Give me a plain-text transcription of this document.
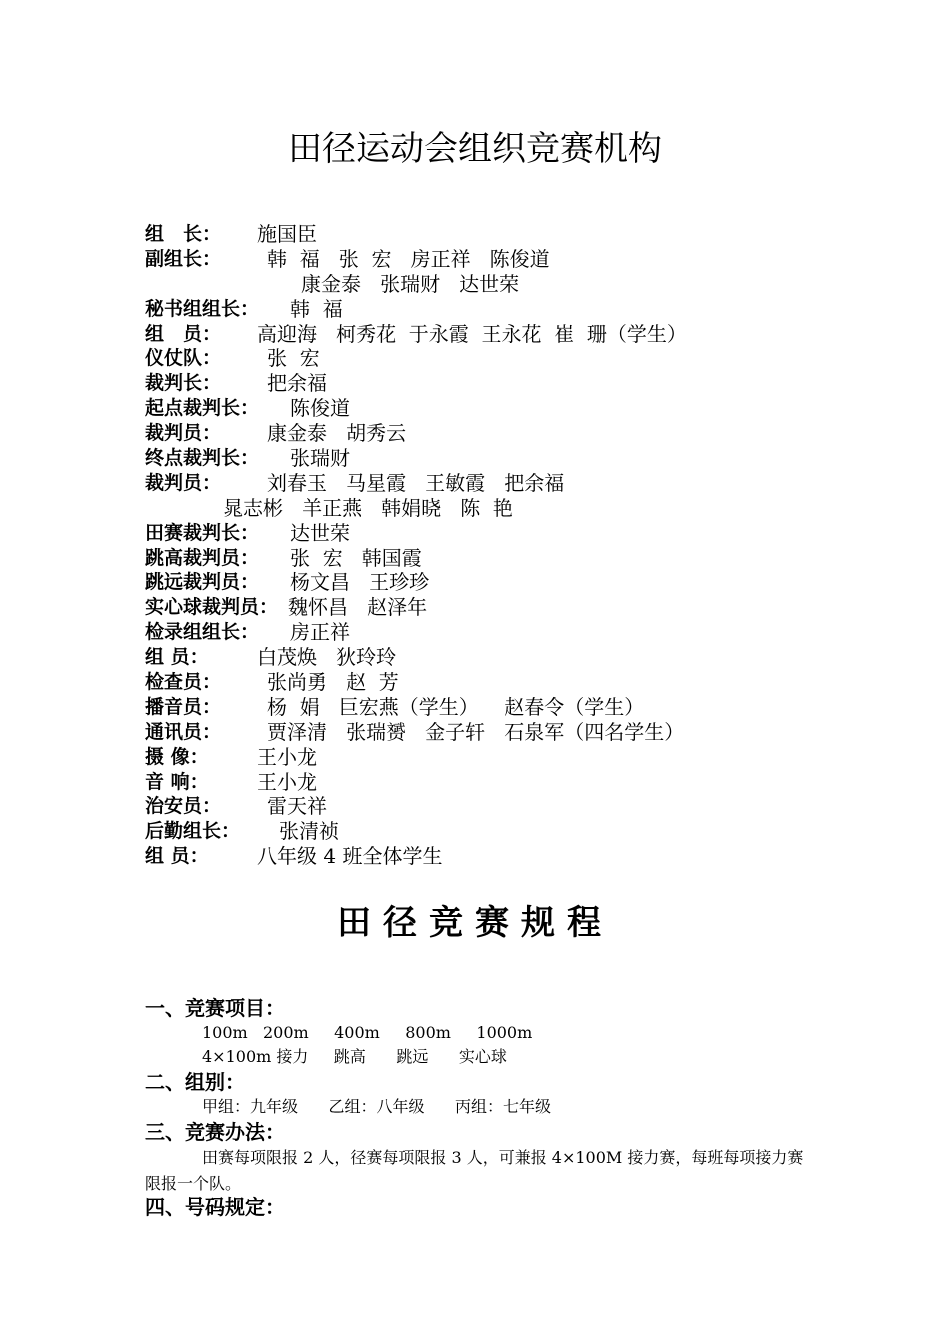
田径运动会组织竞赛机构
组　长： 施国臣
副组长： 韩  福   张  宏   房正祥   陈俊道
康金泰   张瑞财   达世荣
秘书组组长： 韩  福
组　员： 高迎海   柯秀花  于永霞  王永花  崔  珊（学生）
仪仗队： 张  宏
裁判长： 把余福
起点裁判长： 陈俊道
裁判员： 康金泰   胡秀云
终点裁判长： 张瑞财
裁判员： 刘春玉   马星霞   王敏霞   把余福
晁志彬   羊正燕   韩娟晓   陈  艳
田赛裁判长： 达世荣
跳高裁判员： 张  宏   韩国霞
跳远裁判员： 杨文昌   王珍珍
实心球裁判员： 魏怀昌   赵泽年
检录组组长： 房正祥
组 员： 白茂焕   狄玲玲
检查员： 张尚勇   赵  芳
播音员： 杨  娟   巨宏燕（学生）    赵春令（学生）
通讯员： 贾泽清   张瑞赟   金子轩   石泉军（四名学生）
摄 像： 王小龙
音 响： 王小龙
治安员： 雷天祥
后勤组长： 张清祯
组 员： 八年级 4 班全体学生
田径竞赛规程
一、竞赛项目：
100m   200m     400m     800m     1000m
4×100m 接力     跳高      跳远      实心球
二、组别：
甲组：九年级      乙组：八年级      丙组：七年级
三、竞赛办法：
田赛每项限报 2 人，径赛每项限报 3 人，可兼报 4×100M 接力赛，每班每项接力赛限报一个队。
四、号码规定：
